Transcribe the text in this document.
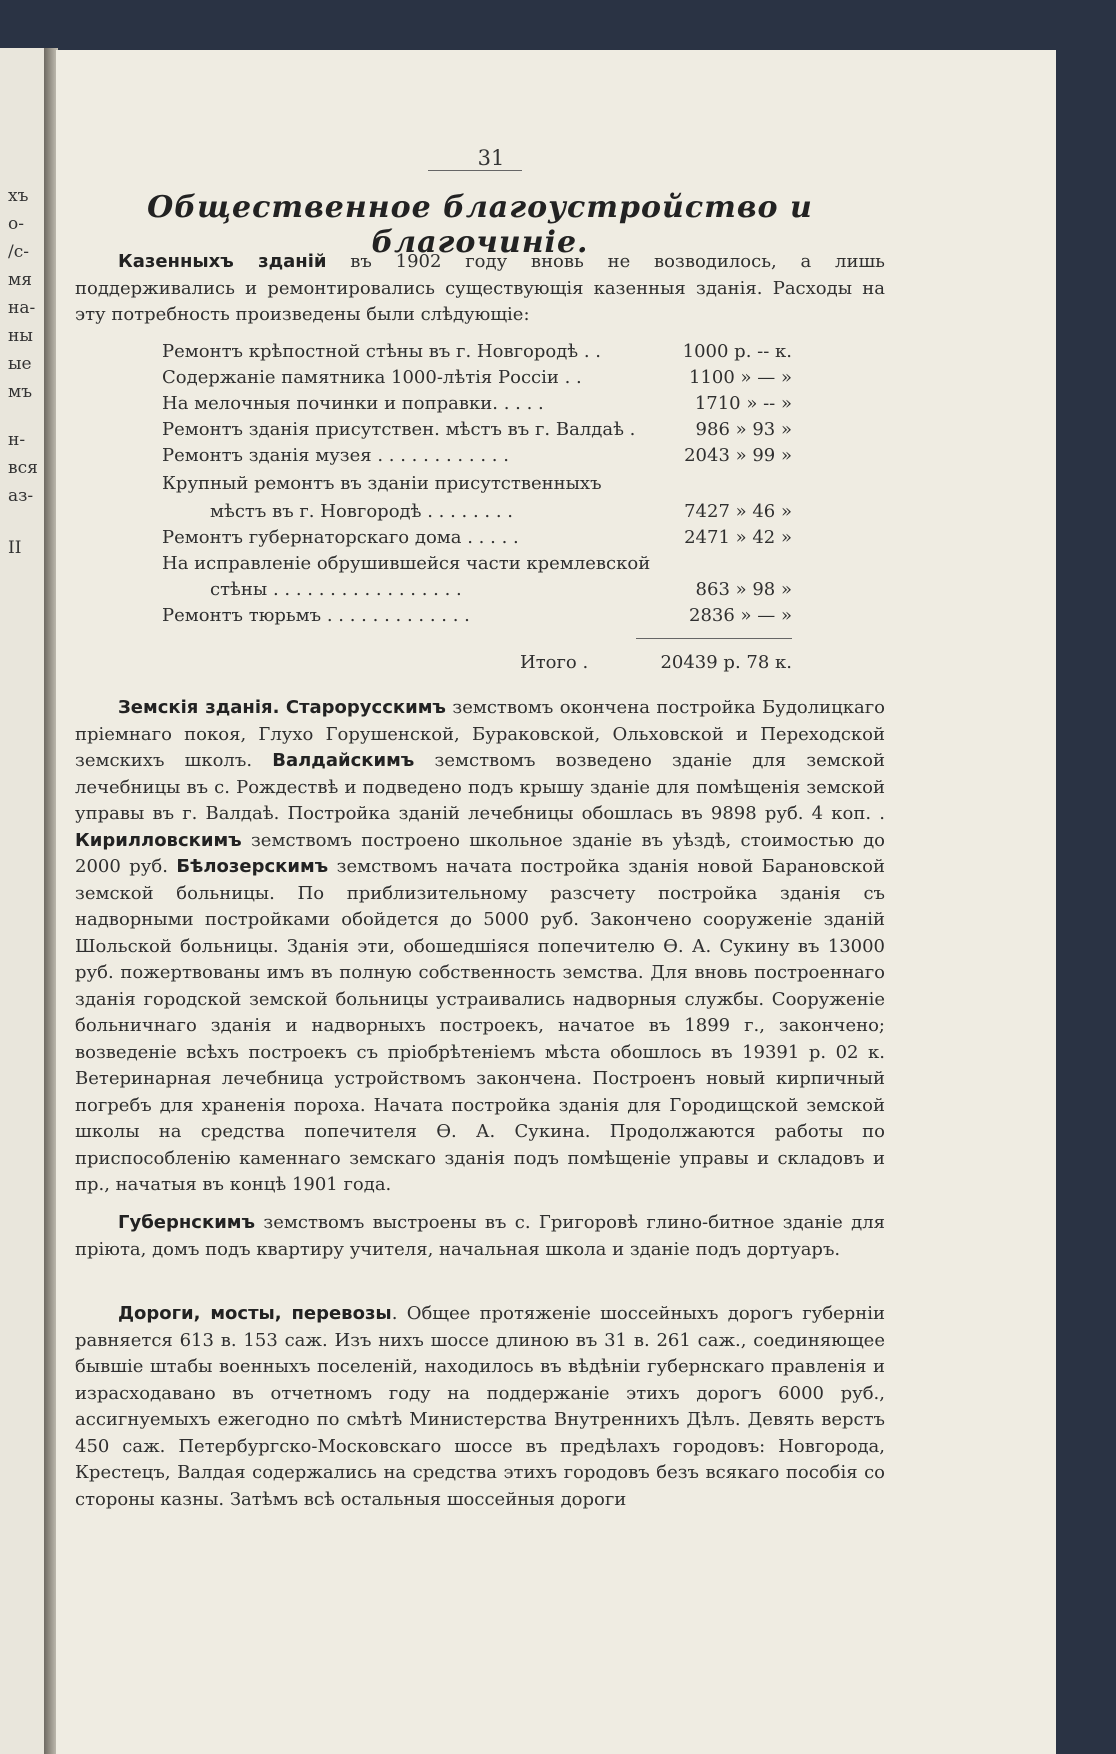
хъ
о-
/с-
мя
на-
ны
ые
мъ
н-
вся
аз-
II
31
Общественное благоустройство и благочиніе.
Казенныхъ зданій въ 1902 году вновь не возводилось, а лишь поддерживались и ремонтировались существующія казенныя зданія. Расходы на эту потребность произведены были слѣдующіе:
Ремонтъ крѣпостной стѣны въ г. Новгородѣ . .	1000 р. -- к.
Содержаніе памятника 1000-лѣтія Россіи . .	1100 » — »
На мелочныя починки и поправки. . . . .	1710 » -- »
Ремонтъ зданія присутствен. мѣстъ въ г. Валдаѣ .	986 » 93 »
Ремонтъ зданія музея . . . . . . . . . . . .	2043 » 99 »
Крупный ремонтъ въ зданіи присутственныхъ
мѣстъ въ г. Новгородѣ . . . . . . . .	7427 » 46 »
Ремонтъ губернаторскаго дома . . . . .	2471 » 42 »
На исправленіе обрушившейся части кремлевской
стѣны . . . . . . . . . . . . . . . . .	863 » 98 »
Ремонтъ тюрьмъ . . . . . . . . . . . . .	2836 » — »
Итого .	20439 р. 78 к.
Земскія зданія. Старорусскимъ земствомъ окончена постройка Будолицкаго пріемнаго покоя, Глухо Горушенской, Бураковской, Ольховской и Переходской земскихъ школъ. Валдайскимъ земствомъ возведено зданіе для земской лечебницы въ с. Рождествѣ и подведено подъ крышу зданіе для помѣщенія земской управы въ г. Валдаѣ. Постройка зданій лечебницы обошлась въ 9898 руб. 4 коп. . Кирилловскимъ земствомъ построено школьное зданіе въ уѣздѣ, стоимостью до 2000 руб. Бѣлозерскимъ земствомъ начата постройка зданія новой Барановской земской больницы. По приблизительному разсчету постройка зданія съ надворными постройками обойдется до 5000 руб. Закончено сооруженіе зданій Шольской больницы. Зданія эти, обошедшіяся попечителю Ѳ. А. Сукину въ 13000 руб. пожертвованы имъ въ полную собственность земства. Для вновь построеннаго зданія городской земской больницы устраивались надворныя службы. Сооруженіе больничнаго зданія и надворныхъ построекъ, начатое въ 1899 г., закончено; возведеніе всѣхъ построекъ съ пріобрѣтеніемъ мѣста обошлось въ 19391 р. 02 к. Ветеринарная лечебница устройствомъ закончена. Построенъ новый кирпичный погребъ для храненія пороха. Начата постройка зданія для Городищской земской школы на средства попечителя Ѳ. А. Сукина. Продолжаются работы по приспособленію каменнаго земскаго зданія подъ помѣщеніе управы и складовъ и пр., начатыя въ концѣ 1901 года.
Губернскимъ земствомъ выстроены въ с. Григоровѣ глино-битное зданіе для пріюта, домъ подъ квартиру учителя, начальная школа и зданіе подъ дортуаръ.
Дороги, мосты, перевозы. Общее протяженіе шоссейныхъ дорогъ губерніи равняется 613 в. 153 саж. Изъ нихъ шоссе длиною въ 31 в. 261 саж., соединяющее бывшіе штабы военныхъ поселеній, находилось въ вѣдѣніи губернскаго правленія и израсходавано въ отчетномъ году на поддержаніе этихъ дорогъ 6000 руб., ассигнуемыхъ ежегодно по смѣтѣ Министерства Внутреннихъ Дѣлъ. Девять верстъ 450 саж. Петербургско-Московскаго шоссе въ предѣлахъ городовъ: Новгорода, Крестецъ, Валдая содержались на средства этихъ городовъ безъ всякаго пособія со стороны казны. Затѣмъ всѣ остальныя шоссейныя дороги
